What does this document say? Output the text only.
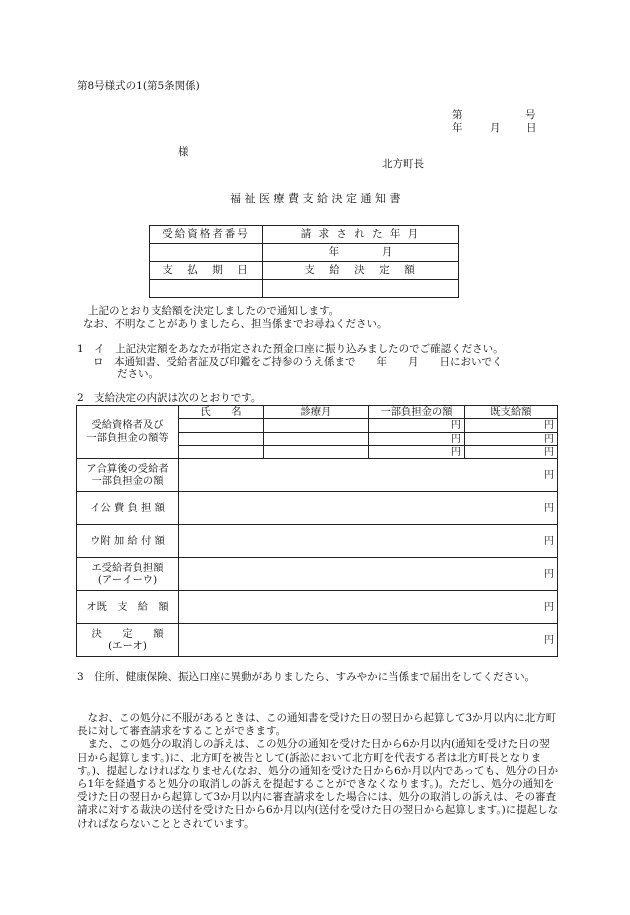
第8号様式の1(第5条関係)
第	号
年	月 日
様
北方町長
福祉医療費支給決定通知書
受給資格者番号	請 求 さ れ た 年 月
	年 月
支　払　期　日	支　給　決　定　額

上記のとおり支給額を決定しましたので通知します。
なお、不明なことがありましたら、担当係までお尋ねください。
1　イ　上記決定額をあなたが指定された預金口座に振り込みましたのでご確認ください。
ロ　本通知書、受給者証及び印鑑をご持参のうえ係まで　　年　　月　　日においでく
ださい。
2　支給決定の内訳は次のとおりです。
受給資格者及び
一部負担金の額等	氏　　名	診療月	一部負担金の額	既支給額
			円	円
			円	円
			円	円

ア合算後の受給者
一部負担金の額	円			

イ公 費 負 担 額	円			

ウ附 加 給 付 額	円			

エ受給者負担額
(アーイーウ)	円			

オ既　支　給　額	円			

決　　定　　額
(エーオ)	円			
3　住所、健康保険、振込口座に異動がありましたら、すみやかに当係まで届出をしてください。

　なお、この処分に不服があるときは、この通知書を受けた日の翌日から起算して3か月以内に北方町長に対して審査請求をすることができます。

　また、この処分の取消しの訴えは、この処分の通知を受けた日から6か月以内(通知を受けた日の翌日から起算します。)に、北方町を被告として(訴訟において北方町を代表する者は北方町長となります。)、提起しなければなりません(なお、処分の通知を受けた日から6か月以内であっても、処分の日から1年を経過すると処分の取消しの訴えを提起することができなくなります。)。ただし、処分の通知を受けた日の翌日から起算して3か月以内に審査請求をした場合には、処分の取消しの訴えは、その審査請求に対する裁決の送付を受けた日から6か月以内(送付を受けた日の翌日から起算します。)に提起しなければならないこととされています。
